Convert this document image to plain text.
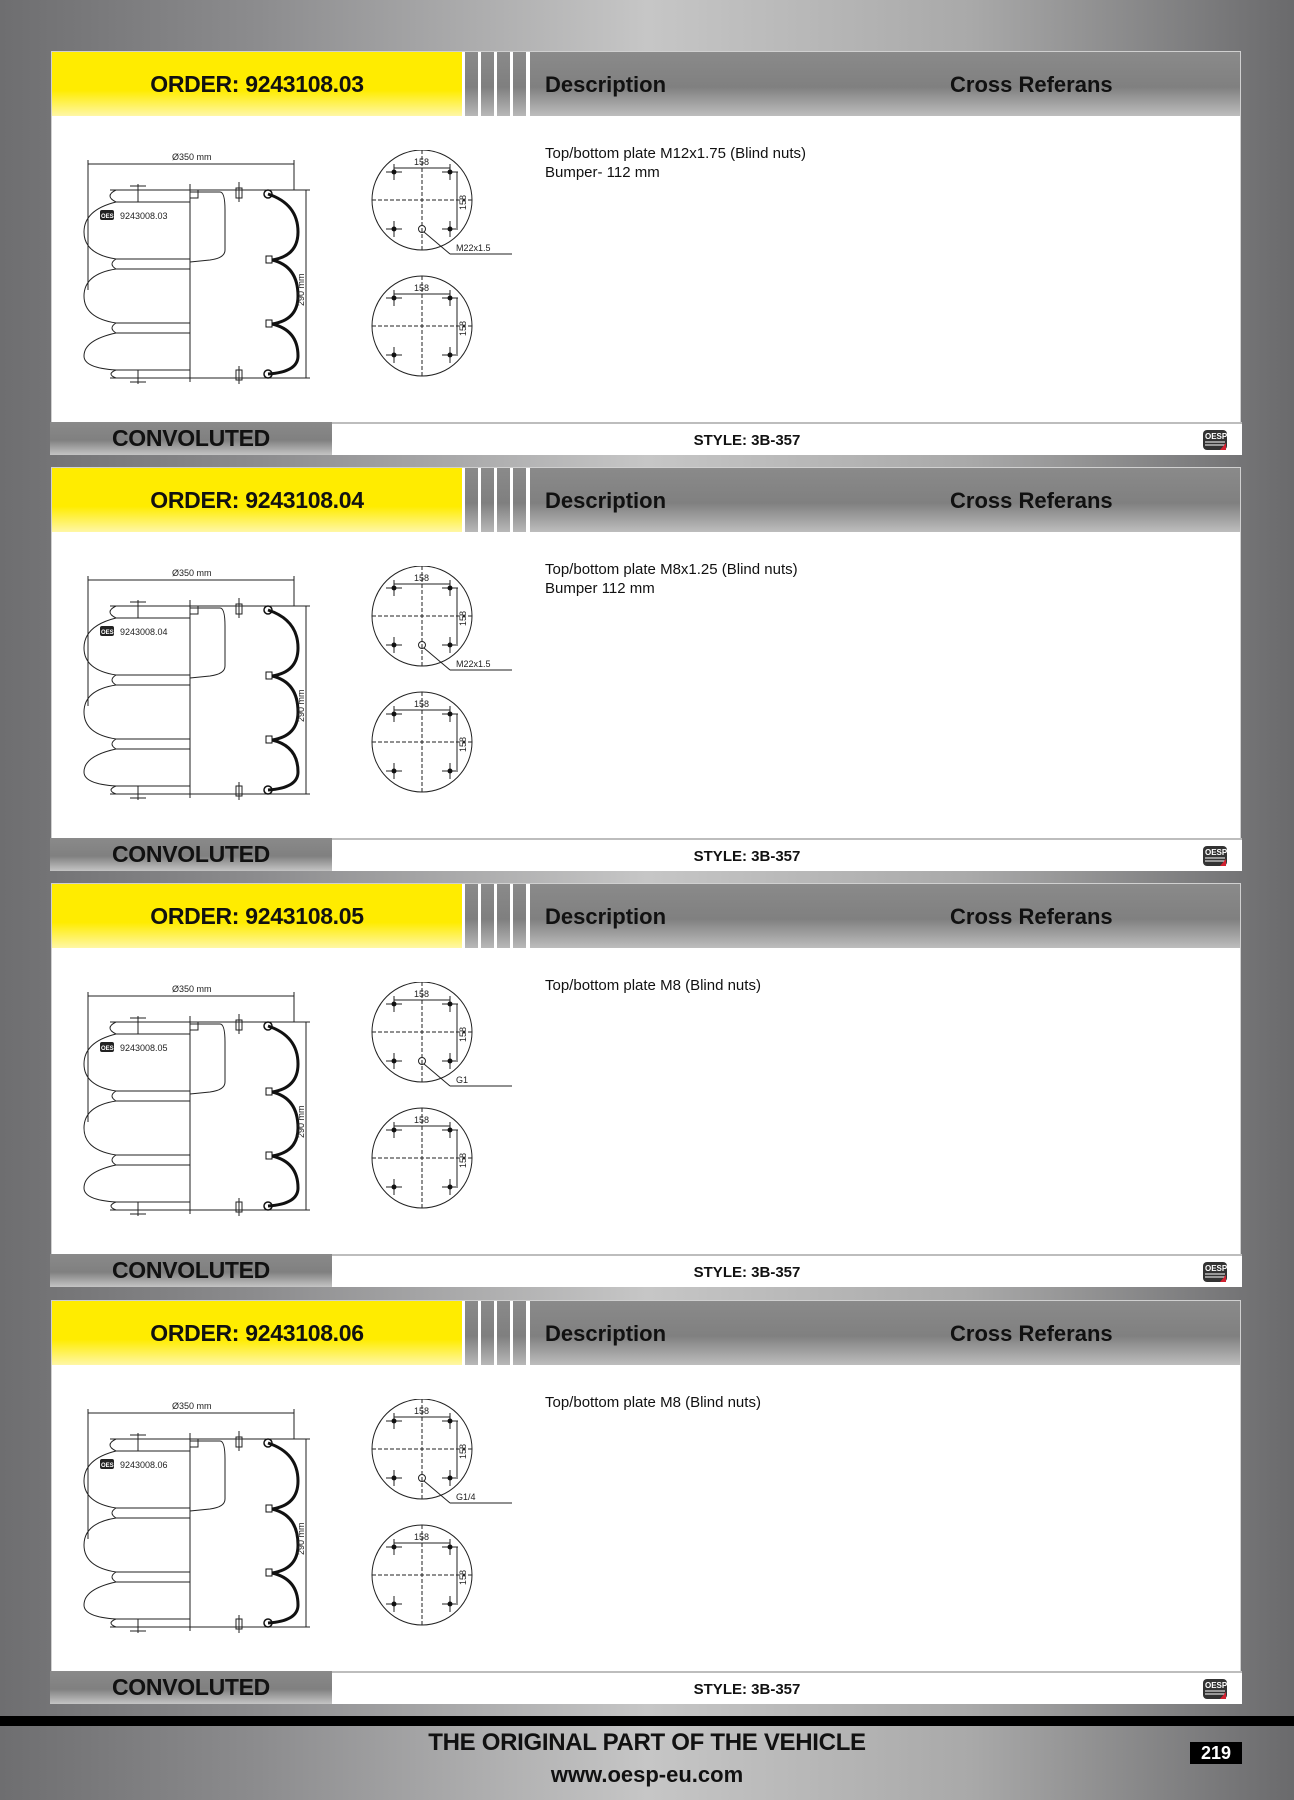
ORDER: 9243108.03	Description	Cross Referans
Top/bottom plate M12x1.75 (Blind nuts)
Bumper- 112 mm
Ø350 mm
290 mm
OESP 9243008.03
158
158
M22x1.5
158
158
CONVOLUTED	STYLE: 3B-357	OESP
ORDER: 9243108.04	Description	Cross Referans
Top/bottom plate M8x1.25 (Blind nuts)
Bumper 112 mm
Ø350 mm
290 mm
OESP 9243008.04
158
158
M22x1.5
158
158
CONVOLUTED	STYLE: 3B-357	OESP
ORDER: 9243108.05	Description	Cross Referans
Top/bottom plate M8 (Blind nuts)
Ø350 mm
290 mm
OESP 9243008.05
158
158
G1
158
158
CONVOLUTED	STYLE: 3B-357	OESP
ORDER: 9243108.06	Description	Cross Referans
Top/bottom plate M8 (Blind nuts)
Ø350 mm
290 mm
OESP 9243008.06
158
158
G1/4
158
158
CONVOLUTED	STYLE: 3B-357	OESP
THE ORIGINAL PART OF THE VEHICLE
www.oesp-eu.com
219
